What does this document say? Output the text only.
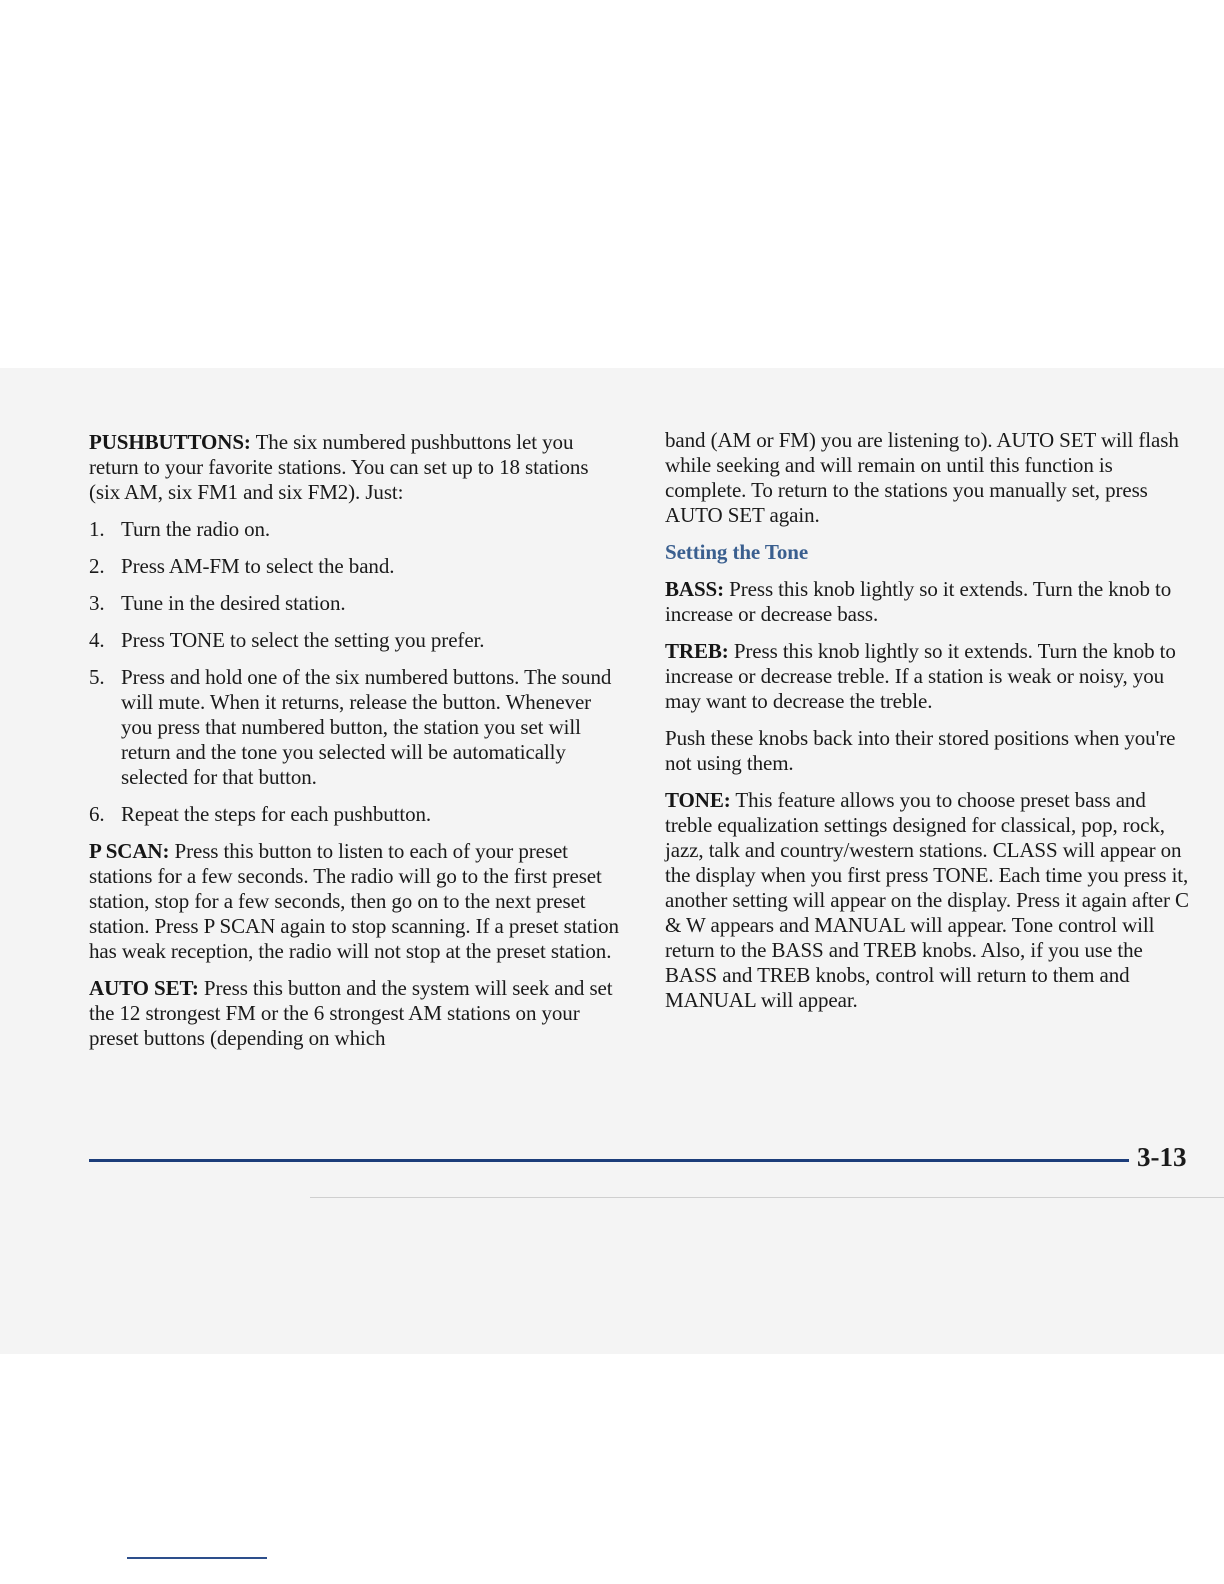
PUSHBUTTONS: The six numbered pushbuttons let you return to your favorite stations. You can set up to 18 stations (six AM, six FM1 and six FM2). Just:

1. Turn the radio on.
2. Press AM-FM to select the band.
3. Tune in the desired station.
4. Press TONE to select the setting you prefer.
5. Press and hold one of the six numbered buttons. The sound will mute. When it returns, release the button. Whenever you press that numbered button, the station you set will return and the tone you selected will be automatically selected for that button.
6. Repeat the steps for each pushbutton.

P SCAN: Press this button to listen to each of your preset stations for a few seconds. The radio will go to the first preset station, stop for a few seconds, then go on to the next preset station. Press P SCAN again to stop scanning. If a preset station has weak reception, the radio will not stop at the preset station.

AUTO SET: Press this button and the system will seek and set the 12 strongest FM or the 6 strongest AM stations on your preset buttons (depending on which

band (AM or FM) you are listening to). AUTO SET will flash while seeking and will remain on until this function is complete. To return to the stations you manually set, press AUTO SET again.

Setting the Tone

BASS: Press this knob lightly so it extends. Turn the knob to increase or decrease bass.

TREB: Press this knob lightly so it extends. Turn the knob to increase or decrease treble. If a station is weak or noisy, you may want to decrease the treble.

Push these knobs back into their stored positions when you're not using them.

TONE: This feature allows you to choose preset bass and treble equalization settings designed for classical, pop, rock, jazz, talk and country/western stations. CLASS will appear on the display when you first press TONE. Each time you press it, another setting will appear on the display. Press it again after C & W appears and MANUAL will appear. Tone control will return to the BASS and TREB knobs. Also, if you use the BASS and TREB knobs, control will return to them and MANUAL will appear.

3-13
